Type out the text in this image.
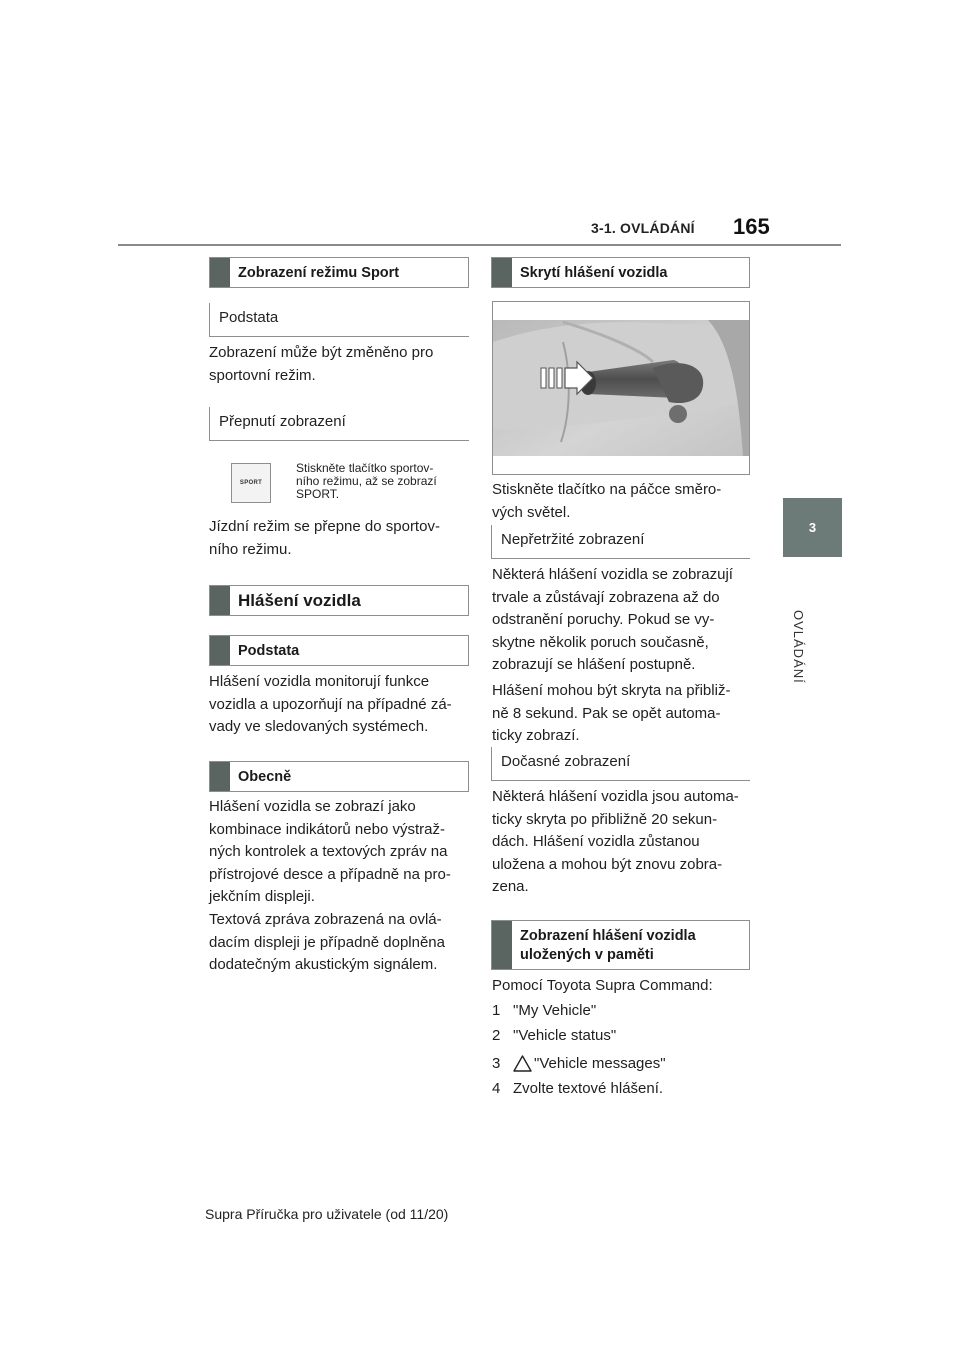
3-1. OVLÁDÁNÍ 165
3
OVLÁDÁNÍ
Zobrazení režimu Sport
Podstata
Zobrazení může být změněno pro
sportovní režim.
Přepnutí zobrazení
SPORT
Stiskněte tlačítko sportov-
ního režimu, až se zobrazí
SPORT.
Jízdní režim se přepne do sportov-
ního režimu.
Hlášení vozidla
Podstata
Hlášení vozidla monitorují funkce
vozidla a upozorňují na případné zá-
vady ve sledovaných systémech.
Obecně
Hlášení vozidla se zobrazí jako
kombinace indikátorů nebo výstraž-
ných kontrolek a textových zpráv na
přístrojové desce a případně na pro-
jekčním displeji.
Textová zpráva zobrazená na ovlá-
dacím displeji je případně doplněna
dodatečným akustickým signálem.
Skrytí hlášení vozidla
Stiskněte tlačítko na páčce směro-
vých světel.
Nepřetržité zobrazení
Některá hlášení vozidla se zobrazují
trvale a zůstávají zobrazena až do
odstranění poruchy. Pokud se vy-
skytne několik poruch současně,
zobrazují se hlášení postupně.
Hlášení mohou být skryta na přibliž-
ně 8 sekund. Pak se opět automa-
ticky zobrazí.
Dočasné zobrazení
Některá hlášení vozidla jsou automa-
ticky skryta po přibližně 20 sekun-
dách. Hlášení vozidla zůstanou
uložena a mohou být znovu zobra-
zena.
Zobrazení hlášení vozidla
uložených v paměti
Pomocí Toyota Supra Command:
1 "My Vehicle"
2 "Vehicle status"
3 "Vehicle messages"
4 Zvolte textové hlášení.
Supra Příručka pro uživatele (od 11/20)
